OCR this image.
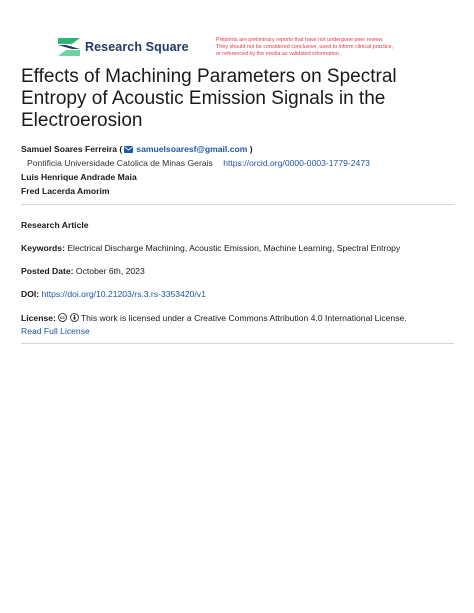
Research Square	Preprints are preliminary reports that have not undergone peer review.
They should not be considered conclusive, used to inform clinical practice,
or referenced by the media as validated information.
Effects of Machining Parameters on Spectral
Entropy of Acoustic Emission Signals in the
Electroerosion
Samuel Soares Ferreira ( samuelsoaresf@gmail.com )
Pontificia Universidade Catolica de Minas Gerais https://orcid.org/0000-0003-1779-2473
Luís Henrique Andrade Maia
Fred Lacerda Amorim
Research Article
Keywords: Electrical Discharge Machining, Acoustic Emission, Machine Learning, Spectral Entropy
Posted Date: October 6th, 2023
DOI: https://doi.org/10.21203/rs.3.rs-3353420/v1
License: cc This work is licensed under a Creative Commons Attribution 4.0 International License.
Read Full License
